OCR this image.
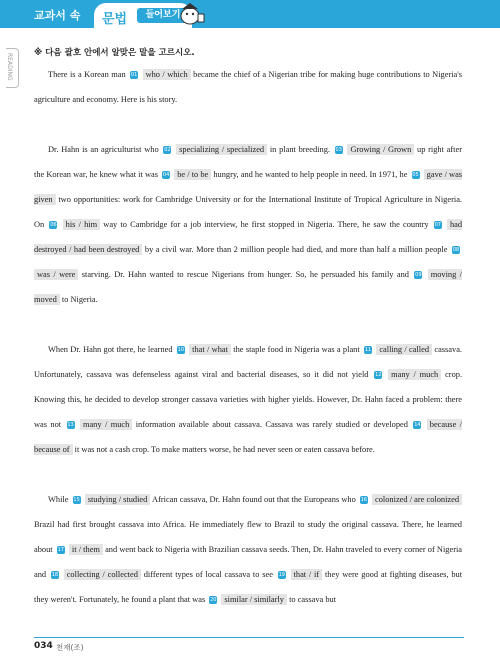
교과서 속 문법	들어보기
READING ※ 다음 괄호 안에서 알맞은 말을 고르시오.

There is a Korean man 01 who / which became the chief of a Nigerian tribe for making huge contributions to Nigeria's agriculture and economy. Here is his story.

Dr. Hahn is an agriculturist who 02 specializing / specialized in plant breeding. 03 Growing / Grown up right after the Korean war, he knew what it was 04 be / to be hungry, and he wanted to help people in need. In 1971, he 05 gave / was given two opportunities: work for Cambridge University or for the International Institute of Tropical Agriculture in Nigeria. On 06 his / him way to Cambridge for a job interview, he first stopped in Nigeria. There, he saw the country 07 had destroyed / had been destroyed by a civil war. More than 2 million people had died, and more than half a million people 08 was / were starving. Dr. Hahn wanted to rescue Nigerians from hunger. So, he persuaded his family and 09 moving / moved to Nigeria.

When Dr. Hahn got there, he learned 10 that / what the staple food in Nigeria was a plant 11 calling / called cassava. Unfortunately, cassava was defenseless against viral and bacterial diseases, so it did not yield 12 many / much crop. Knowing this, he decided to develop stronger cassava varieties with higher yields. However, Dr. Hahn faced a problem: there was not 13 many / much information available about cassava. Cassava was rarely studied or developed 14 because / because of it was not a cash crop. To make matters worse, he had never seen or eaten cassava before.

While 15 studying / studied African cassava, Dr. Hahn found out that the Europeans who 16 colonized / are colonized Brazil had first brought cassava into Africa. He immediately flew to Brazil to study the original cassava. There, he learned about 17 it / them and went back to Nigeria with Brazilian cassava seeds. Then, Dr. Hahn traveled to every corner of Nigeria and 18 collecting / collected different types of local cassava to see 19 that / if they were good at fighting diseases, but they weren't. Fortunately, he found a plant that was 20 similar / similarly to cassava but

034 천재(조)
